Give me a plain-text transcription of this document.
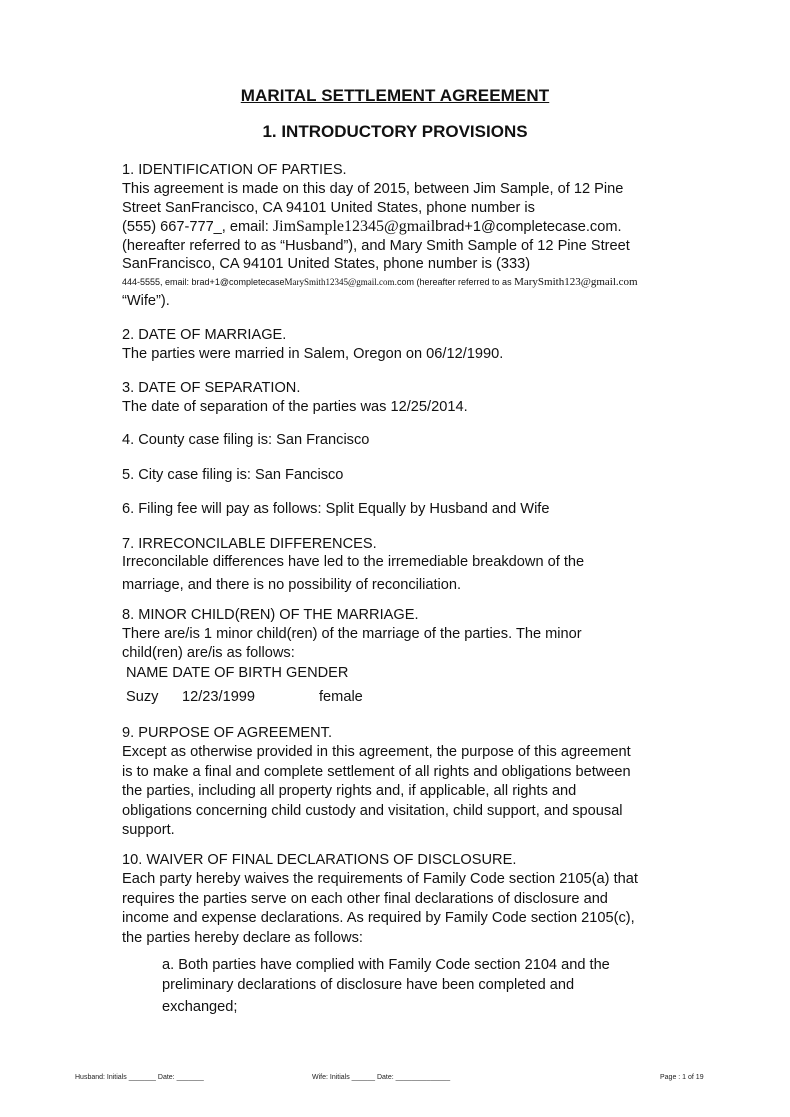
MARITAL SETTLEMENT AGREEMENT
1. INTRODUCTORY PROVISIONS
1. IDENTIFICATION OF PARTIES.
This agreement is made on this day of 2015, between Jim Sample, of 12 Pine
Street SanFrancisco, CA 94101 United States, phone number is
(555) 667-777_, email: JimSample12345@gmailbrad+1@completecase.com.
(hereafter referred to as “Husband”), and Mary Smith Sample of 12 Pine Street
SanFrancisco, CA 94101 United States, phone number is (333)
444-5555, email: brad+1@completecaseMarySmith12345@gmail.com.com (hereafter referred to as MarySmith123@gmail.com
“Wife”).
2. DATE OF MARRIAGE.
The parties were married in Salem, Oregon on 06/12/1990.
3. DATE OF SEPARATION.
The date of separation of the parties was 12/25/2014.
4. County case filing is: San Francisco
5. City case filing is: San Fancisco
6. Filing fee will pay as follows: Split Equally by Husband and Wife
7. IRRECONCILABLE DIFFERENCES.
Irreconcilable differences have led to the irremediable breakdown of the
marriage, and there is no possibility of reconciliation.
8. MINOR CHILD(REN) OF THE MARRIAGE.
There are/is 1 minor child(ren) of the marriage of the parties. The minor
child(ren) are/is as follows:
NAME DATE OF BIRTH GENDER
Suzy 12/23/1999	female
9. PURPOSE OF AGREEMENT.
Except as otherwise provided in this agreement, the purpose of this agreement
is to make a final and complete settlement of all rights and obligations between
the parties, including all property rights and, if applicable, all rights and
obligations concerning child custody and visitation, child support, and spousal
support.
10. WAIVER OF FINAL DECLARATIONS OF DISCLOSURE.
Each party hereby waives the requirements of Family Code section 2105(a) that
requires the parties serve on each other final declarations of disclosure and
income and expense declarations. As required by Family Code section 2105(c),
the parties hereby declare as follows:
a. Both parties have complied with Family Code section 2104 and the
preliminary declarations of disclosure have been completed and
exchanged;
Husband: Initials _______ Date: _______	Wife: Initials ______ Date: ______________	Page : 1 of 19
